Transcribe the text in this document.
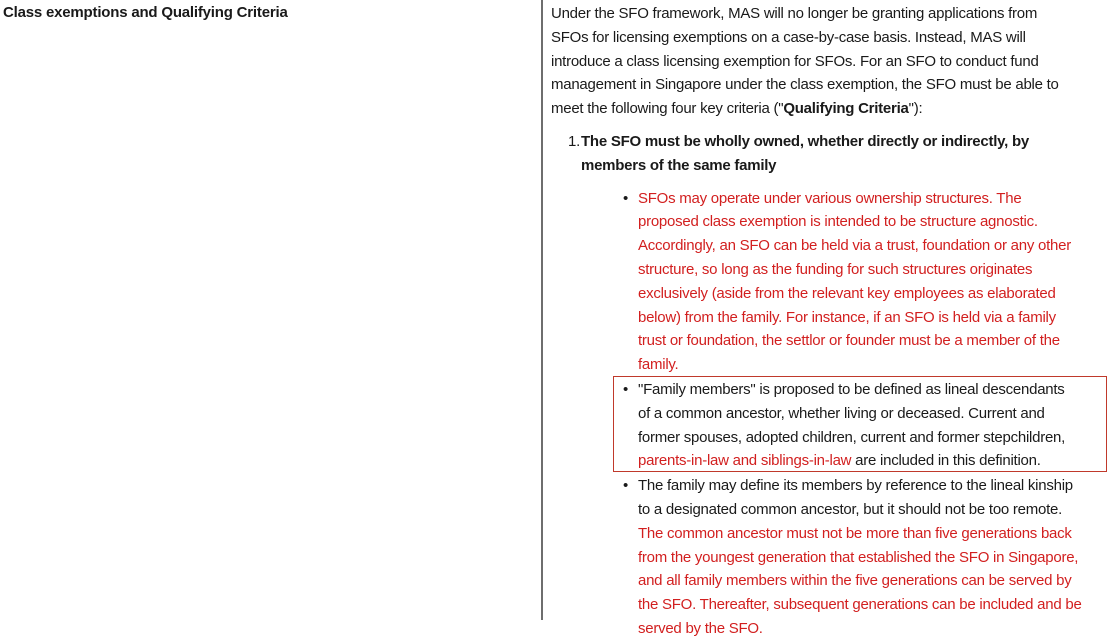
Class exemptions and Qualifying Criteria	Under the SFO framework, MAS will no longer be granting applications from SFOs for licensing exemptions on a case-by-case basis. Instead, MAS will introduce a class licensing exemption for SFOs. For an SFO to conduct fund management in Singapore under the class exemption, the SFO must be able to meet the following four key criteria ("Qualifying Criteria"):

1. The SFO must be wholly owned, whether directly or indirectly, by members of the same family
• SFOs may operate under various ownership structures. The proposed class exemption is intended to be structure agnostic. Accordingly, an SFO can be held via a trust, foundation or any other structure, so long as the funding for such structures originates exclusively (aside from the relevant key employees as elaborated below) from the family. For instance, if an SFO is held via a family trust or foundation, the settlor or founder must be a member of the family.
• "Family members" is proposed to be defined as lineal descendants of a common ancestor, whether living or deceased. Current and former spouses, adopted children, current and former stepchildren, parents-in-law and siblings-in-law are included in this definition.
• The family may define its members by reference to the lineal kinship to a designated common ancestor, but it should not be too remote. The common ancestor must not be more than five generations back from the youngest generation that established the SFO in Singapore, and all family members within the five generations can be served by the SFO. Thereafter, subsequent generations can be included and be served by the SFO.
